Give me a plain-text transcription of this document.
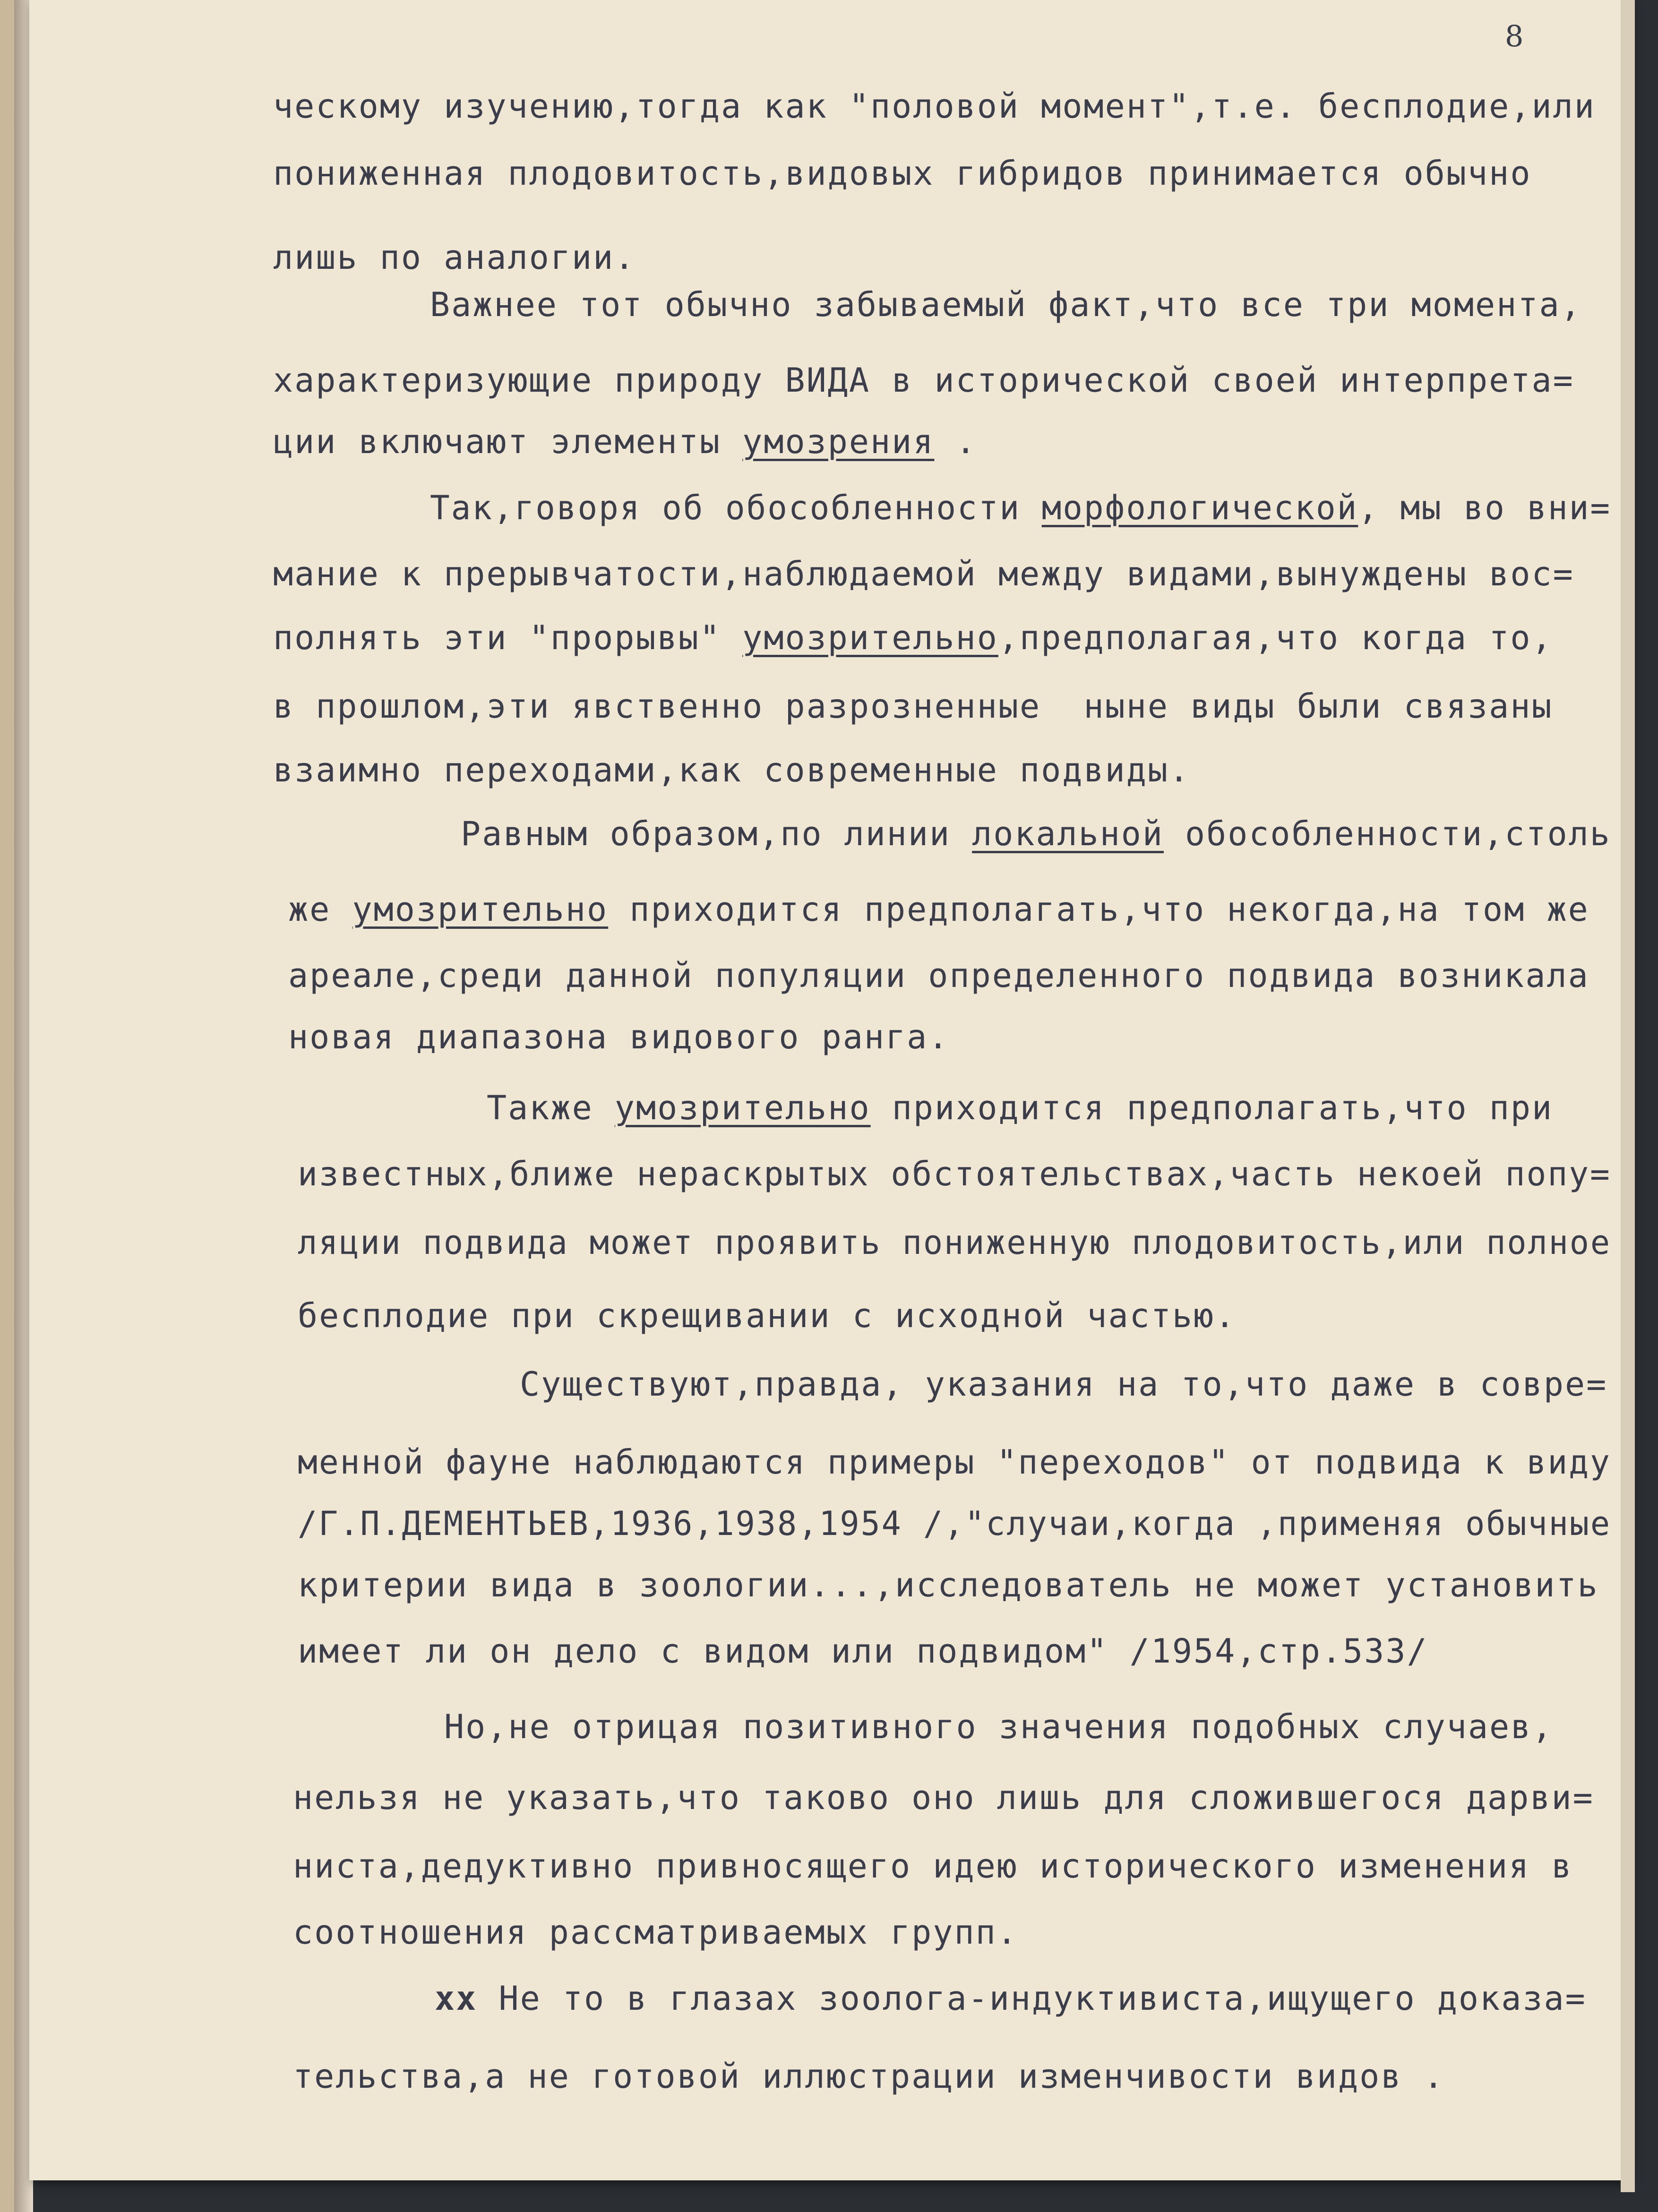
8
ческому изучению,тогда как "половой момент",т.е. бесплодие,или
пониженная плодовитость,видовых гибридов принимается обычно
лишь по аналогии.
Важнее тот обычно забываемый факт,что все три момента,
характеризующие природу ВИДА в исторической своей интерпрета=
ции включают элементы умозрения .
Так,говоря об обособленности морфологической, мы во вни=
мание к прерывчатости,наблюдаемой между видами,вынуждены вос=
полнять эти "прорывы" умозрительно,предполагая,что когда то,
в прошлом,эти явственно разрозненные  ныне виды были связаны
взаимно переходами,как современные подвиды.
Равным образом,по линии локальной обособленности,столь
же умозрительно приходится предполагать,что некогда,на том же
ареале,среди данной популяции определенного подвида возникала
новая диапазона видового ранга.
Также умозрительно приходится предполагать,что при
известных,ближе нераскрытых обстоятельствах,часть некоей попу=
ляции подвида может проявить пониженную плодовитость,или полное
бесплодие при скрещивании с исходной частью.
Существуют,правда, указания на то,что даже в совре=
менной фауне наблюдаются примеры "переходов" от подвида к виду
/Г.П.ДЕМЕНТЬЕВ,1936,1938,1954 /,"случаи,когда ,применяя обычные
критерии вида в зоологии...,исследователь не может установить
имеет ли он дело с видом или подвидом" /1954,стр.533/
Но,не отрицая позитивного значения подобных случаев,
нельзя не указать,что таково оно лишь для сложившегося дарви=
ниста,дедуктивно привносящего идею исторического изменения в
соотношения рассматриваемых групп.
хх Не то в глазах зоолога-индуктивиста,ищущего доказа=
тельства,а не готовой иллюстрации изменчивости видов .
